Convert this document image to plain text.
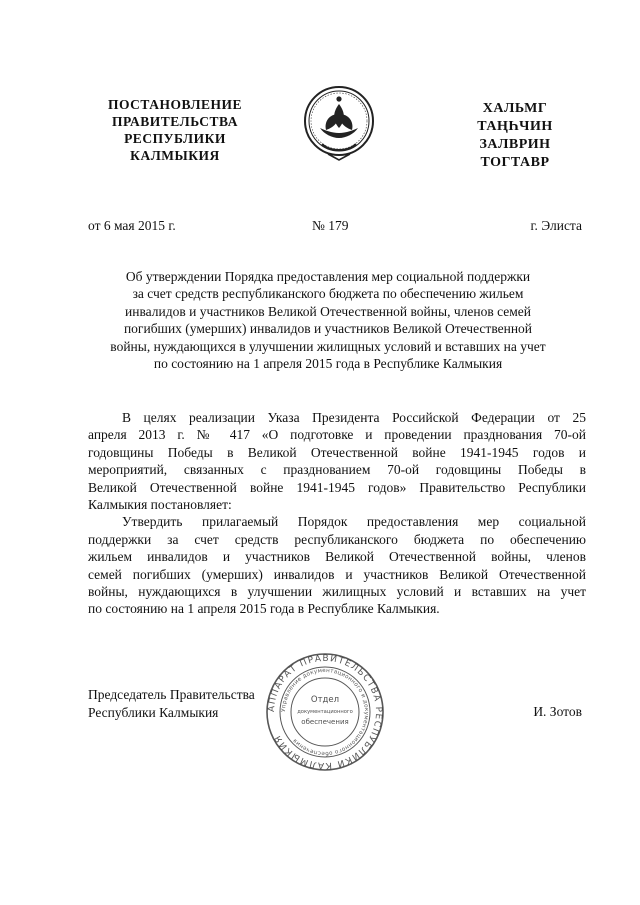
ПОСТАНОВЛЕНИЕ
ПРАВИТЕЛЬСТВА
РЕСПУБЛИКИ
КАЛМЫКИЯ
ХАЛЬМГ
ТАҢҺЧИН
ЗАЛВРИН
ТОГТАВР
от 6 мая 2015 г.	№ 179	г. Элиста
Об утверждении Порядка предоставления мер социальной поддержки
за счет средств республиканского бюджета по обеспечению жильем
инвалидов и участников Великой Отечественной войны, членов семей
погибших (умерших) инвалидов и участников Великой Отечественной
войны, нуждающихся в улучшении жилищных условий и вставших на учет
по состоянию на 1 апреля 2015 года в Республике Калмыкия
В целях реализации Указа Президента Российской Федерации от 25
апреля 2013 г. № 417 «О подготовке и проведении празднования 70-ой
годовщины Победы в Великой Отечественной войне 1941-1945 годов и
мероприятий, связанных с празднованием 70-ой годовщины Победы в
Великой Отечественной войне 1941-1945 годов» Правительство Республики
Калмыкия постановляет:
Утвердить прилагаемый Порядок предоставления мер социальной
поддержки за счет средств республиканского бюджета по обеспечению
жильем инвалидов и участников Великой Отечественной войны, членов
семей погибших (умерших) инвалидов и участников Великой Отечественной
войны, нуждающихся в улучшении жилищных условий и вставших на учет
по состоянию на 1 апреля 2015 года в Республике Калмыкия.
Председатель Правительства
Республики Калмыкия	И. Зотов
АППАРАТ ПРАВИТЕЛЬСТВА РЕСПУБЛИКИ КАЛМЫКИЯ
Управление документационного и документационного обеспечения
Отдел
документационного
обеспечения
